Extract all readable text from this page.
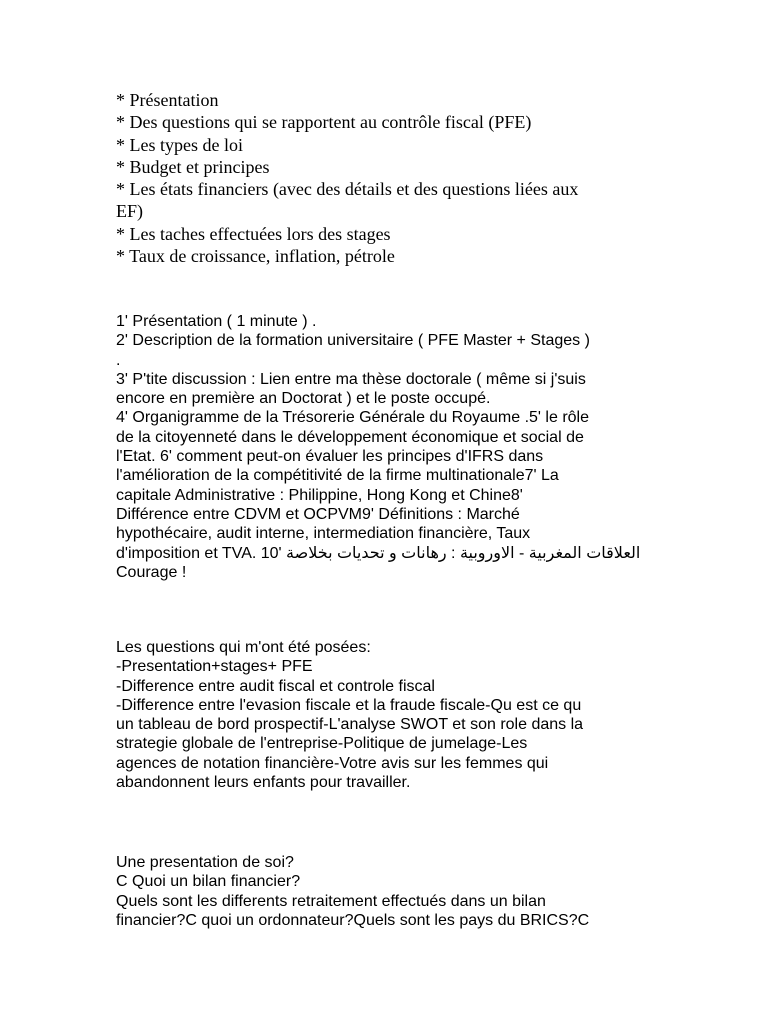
* Présentation
* Des questions qui se rapportent au contrôle fiscal (PFE)
* Les types de loi
* Budget et principes
* Les états financiers (avec des détails et des questions liées aux
EF)
* Les taches effectuées lors des stages
* Taux de croissance, inflation, pétrole
1' Présentation ( 1 minute ) .
2' Description de la formation universitaire ( PFE Master + Stages )
.
3' P'tite discussion : Lien entre ma thèse doctorale ( même si j'suis
encore en première an Doctorat ) et le poste occupé.
4' Organigramme de la Trésorerie Générale du Royaume .5' le rôle
de la citoyenneté dans le développement économique et social de
l'Etat. 6' comment peut-on évaluer les principes d'IFRS dans
l'amélioration de la compétitivité de la firme multinationale7' La
capitale Administrative : Philippine, Hong Kong et Chine8'
Différence entre CDVM et OCPVM9' Définitions : Marché
hypothécaire, audit interne, intermediation financière, Taux
d'imposition et TVA. 10' العلاقات المغربية - الاوروبية : رهانات و تحديات بخلاصة
Courage !
Les questions qui m'ont été posées:
-Presentation+stages+ PFE
-Difference entre audit fiscal et controle fiscal
-Difference entre l'evasion fiscale et la fraude fiscale-Qu est ce qu
un tableau de bord prospectif-L'analyse SWOT et son role dans la
strategie globale de l'entreprise-Politique de jumelage-Les
agences de notation financière-Votre avis sur les femmes qui
abandonnent leurs enfants pour travailler.
Une presentation de soi?
C Quoi un bilan financier?
Quels sont les differents retraitement effectués dans un bilan
financier?C quoi un ordonnateur?Quels sont les pays du BRICS?C
